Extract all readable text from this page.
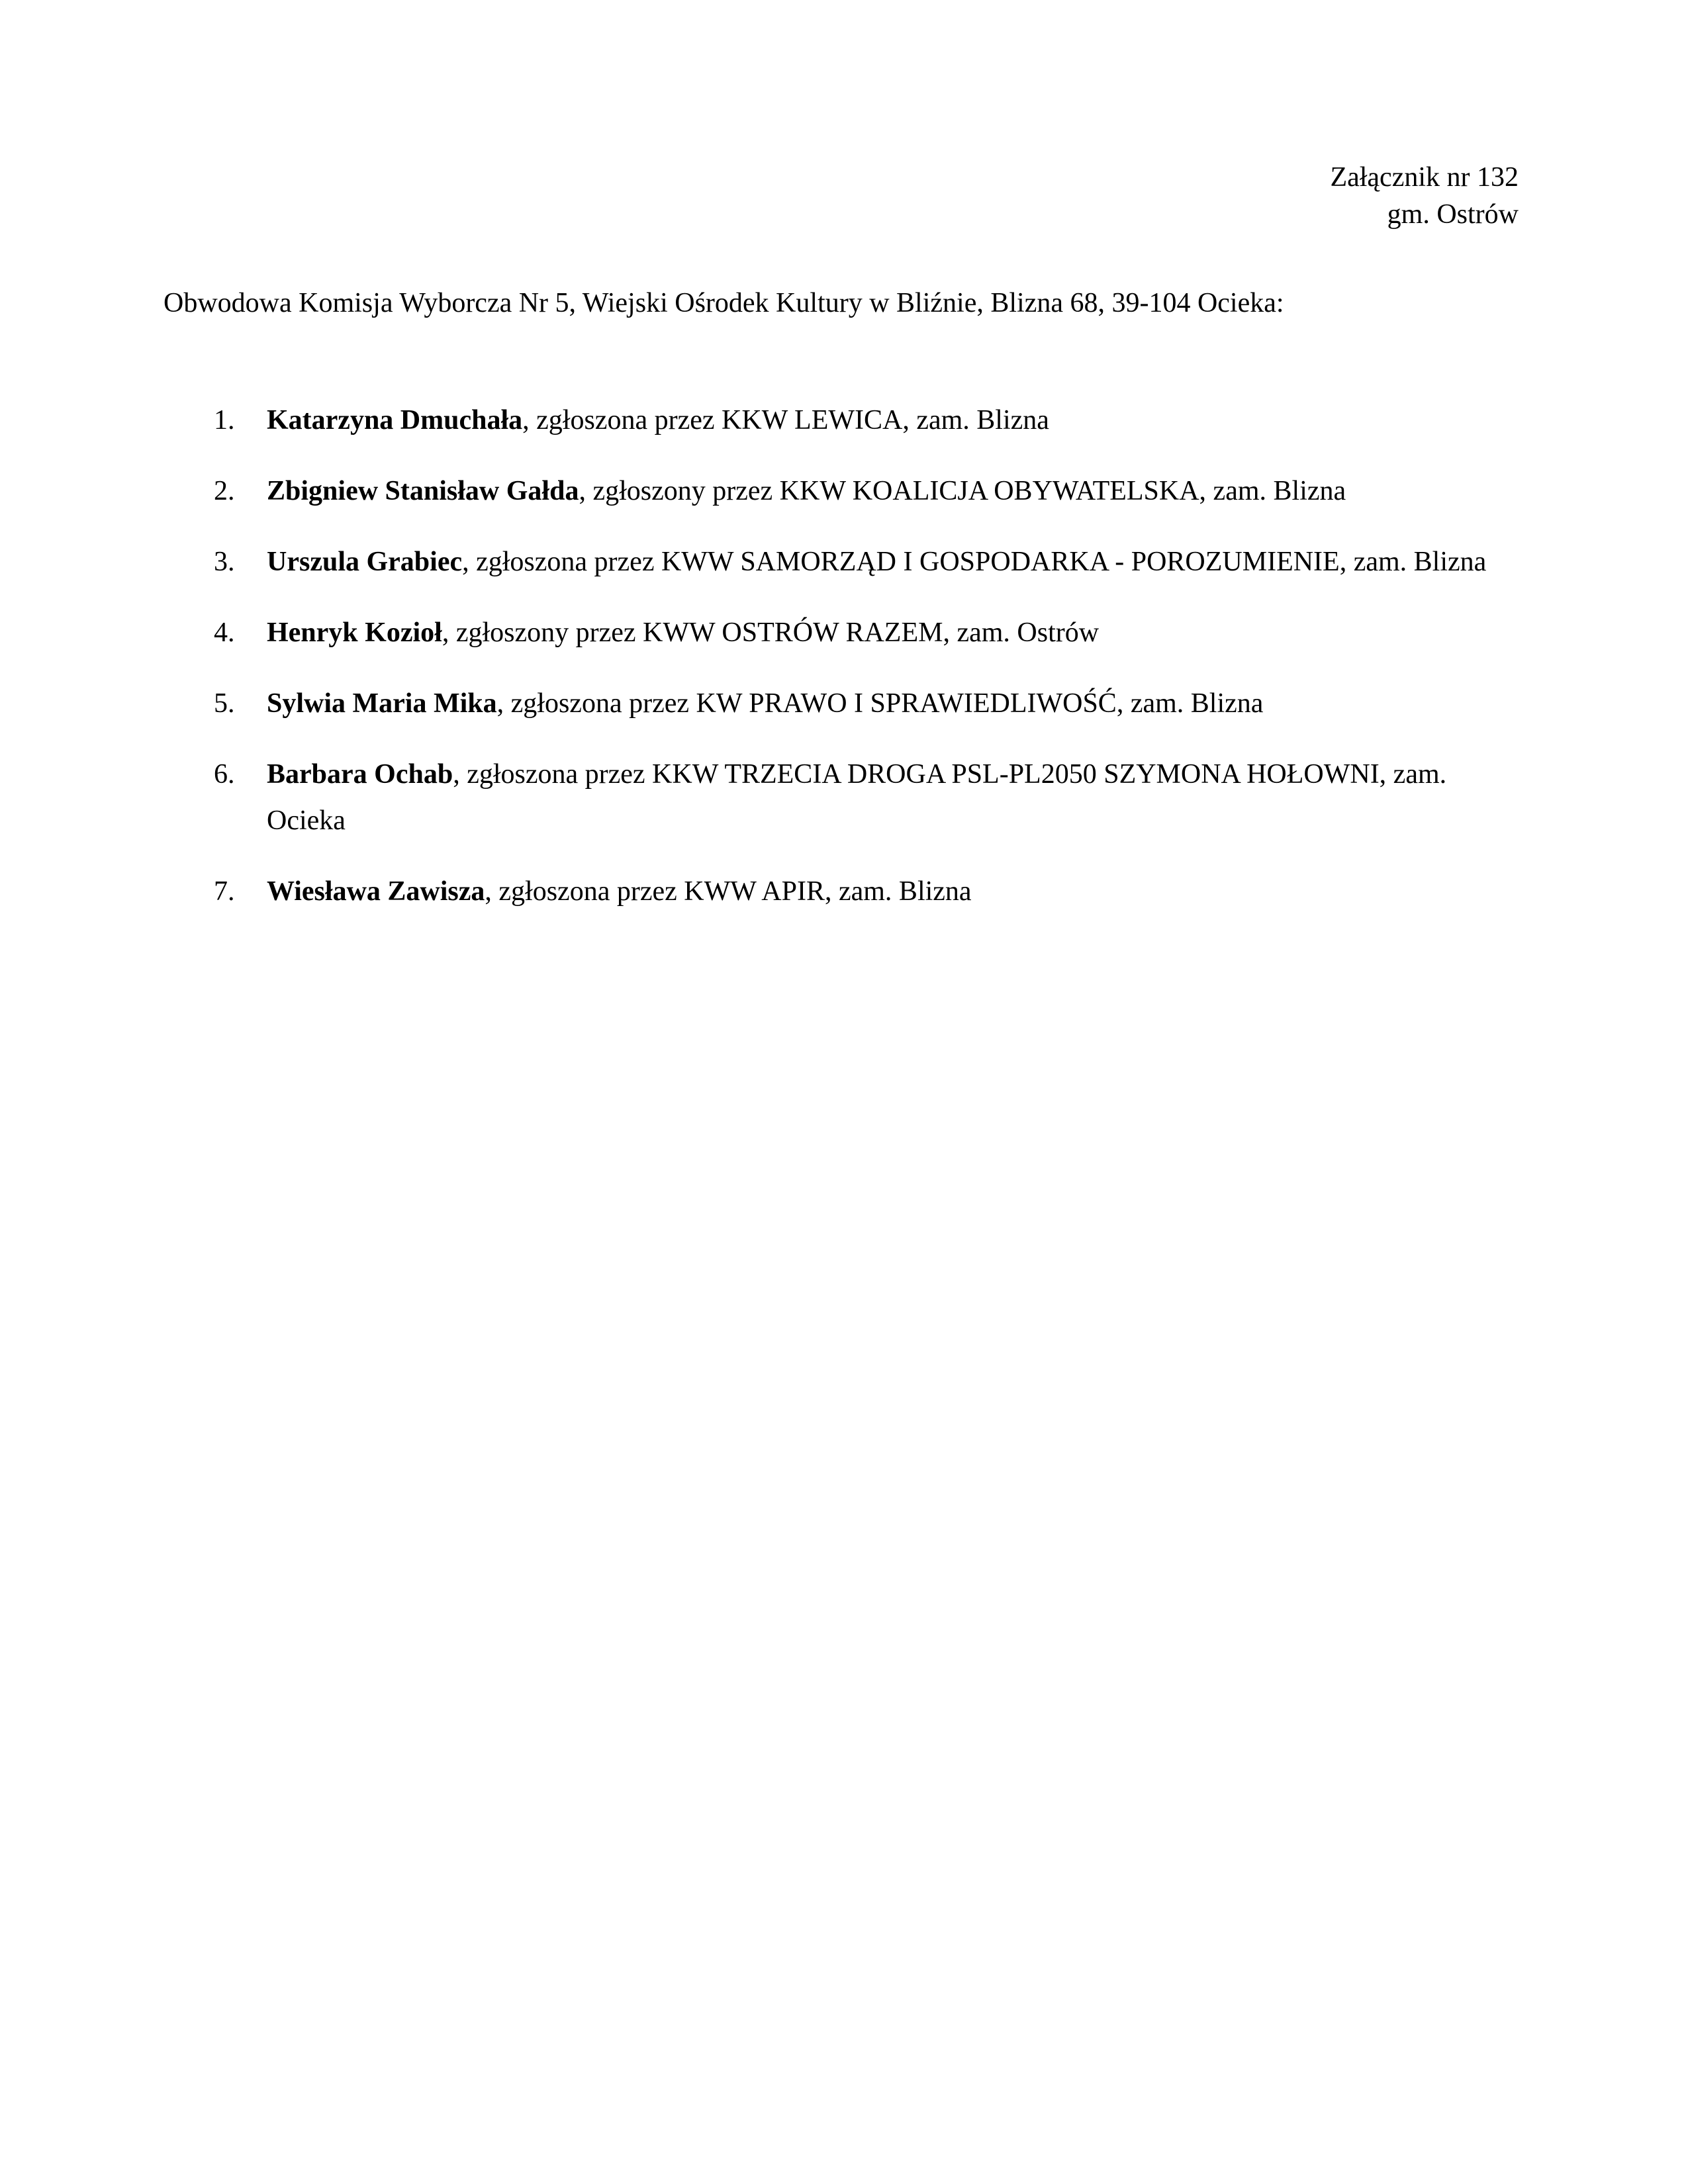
Załącznik nr 132
gm. Ostrów
Obwodowa Komisja Wyborcza Nr 5, Wiejski Ośrodek Kultury w Bliźnie, Blizna 68, 39-104 Ocieka:
1.	Katarzyna Dmuchała, zgłoszona przez KKW LEWICA, zam. Blizna
2.	Zbigniew Stanisław Gałda, zgłoszony przez KKW KOALICJA OBYWATELSKA, zam. Blizna
3.	Urszula Grabiec, zgłoszona przez KWW SAMORZĄD I GOSPODARKA - POROZUMIENIE, zam. Blizna
4.	Henryk Kozioł, zgłoszony przez KWW OSTRÓW RAZEM, zam. Ostrów
5.	Sylwia Maria Mika, zgłoszona przez KW PRAWO I SPRAWIEDLIWOŚĆ, zam. Blizna
6.	Barbara Ochab, zgłoszona przez KKW TRZECIA DROGA PSL-PL2050 SZYMONA HOŁOWNI, zam. Ocieka
7.	Wiesława Zawisza, zgłoszona przez KWW APIR, zam. Blizna
